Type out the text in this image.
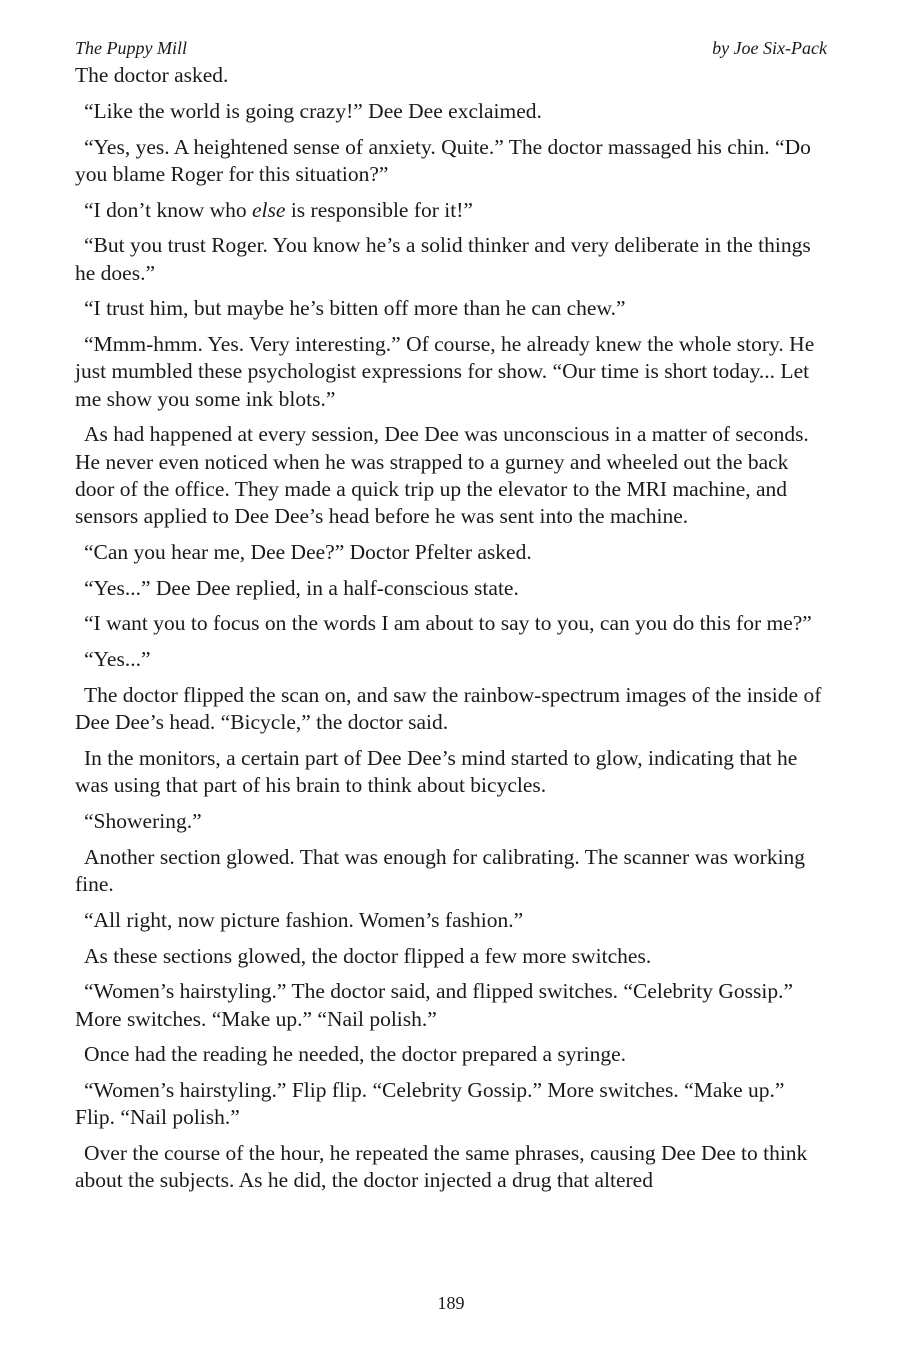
The Puppy Mill	by Joe Six-Pack

The doctor asked.

“Like the world is going crazy!” Dee Dee exclaimed.

“Yes, yes. A heightened sense of anxiety. Quite.” The doctor massaged his chin. “Do you blame Roger for this situation?”

“I don’t know who else is responsible for it!”

“But you trust Roger. You know he’s a solid thinker and very deliberate in the things he does.”

“I trust him, but maybe he’s bitten off more than he can chew.”

“Mmm-hmm. Yes. Very interesting.” Of course, he already knew the whole story. He just mumbled these psychologist expressions for show. “Our time is short today... Let me show you some ink blots.”

As had happened at every session, Dee Dee was unconscious in a matter of seconds. He never even noticed when he was strapped to a gurney and wheeled out the back door of the office. They made a quick trip up the elevator to the MRI machine, and sensors applied to Dee Dee’s head before he was sent into the machine.

“Can you hear me, Dee Dee?” Doctor Pfelter asked.

“Yes...” Dee Dee replied, in a half-conscious state.

“I want you to focus on the words I am about to say to you, can you do this for me?”

“Yes...”

The doctor flipped the scan on, and saw the rainbow-spectrum images of the inside of Dee Dee’s head. “Bicycle,” the doctor said.

In the monitors, a certain part of Dee Dee’s mind started to glow, indicating that he was using that part of his brain to think about bicycles.

“Showering.”

Another section glowed. That was enough for calibrating. The scanner was working fine.

“All right, now picture fashion. Women’s fashion.”

As these sections glowed, the doctor flipped a few more switches.

“Women’s hairstyling.” The doctor said, and flipped switches. “Celebrity Gossip.” More switches. “Make up.” “Nail polish.”

Once had the reading he needed, the doctor prepared a syringe.

“Women’s hairstyling.” Flip flip. “Celebrity Gossip.” More switches. “Make up.” Flip. “Nail polish.”

Over the course of the hour, he repeated the same phrases, causing Dee Dee to think about the subjects. As he did, the doctor injected a drug that altered

189
